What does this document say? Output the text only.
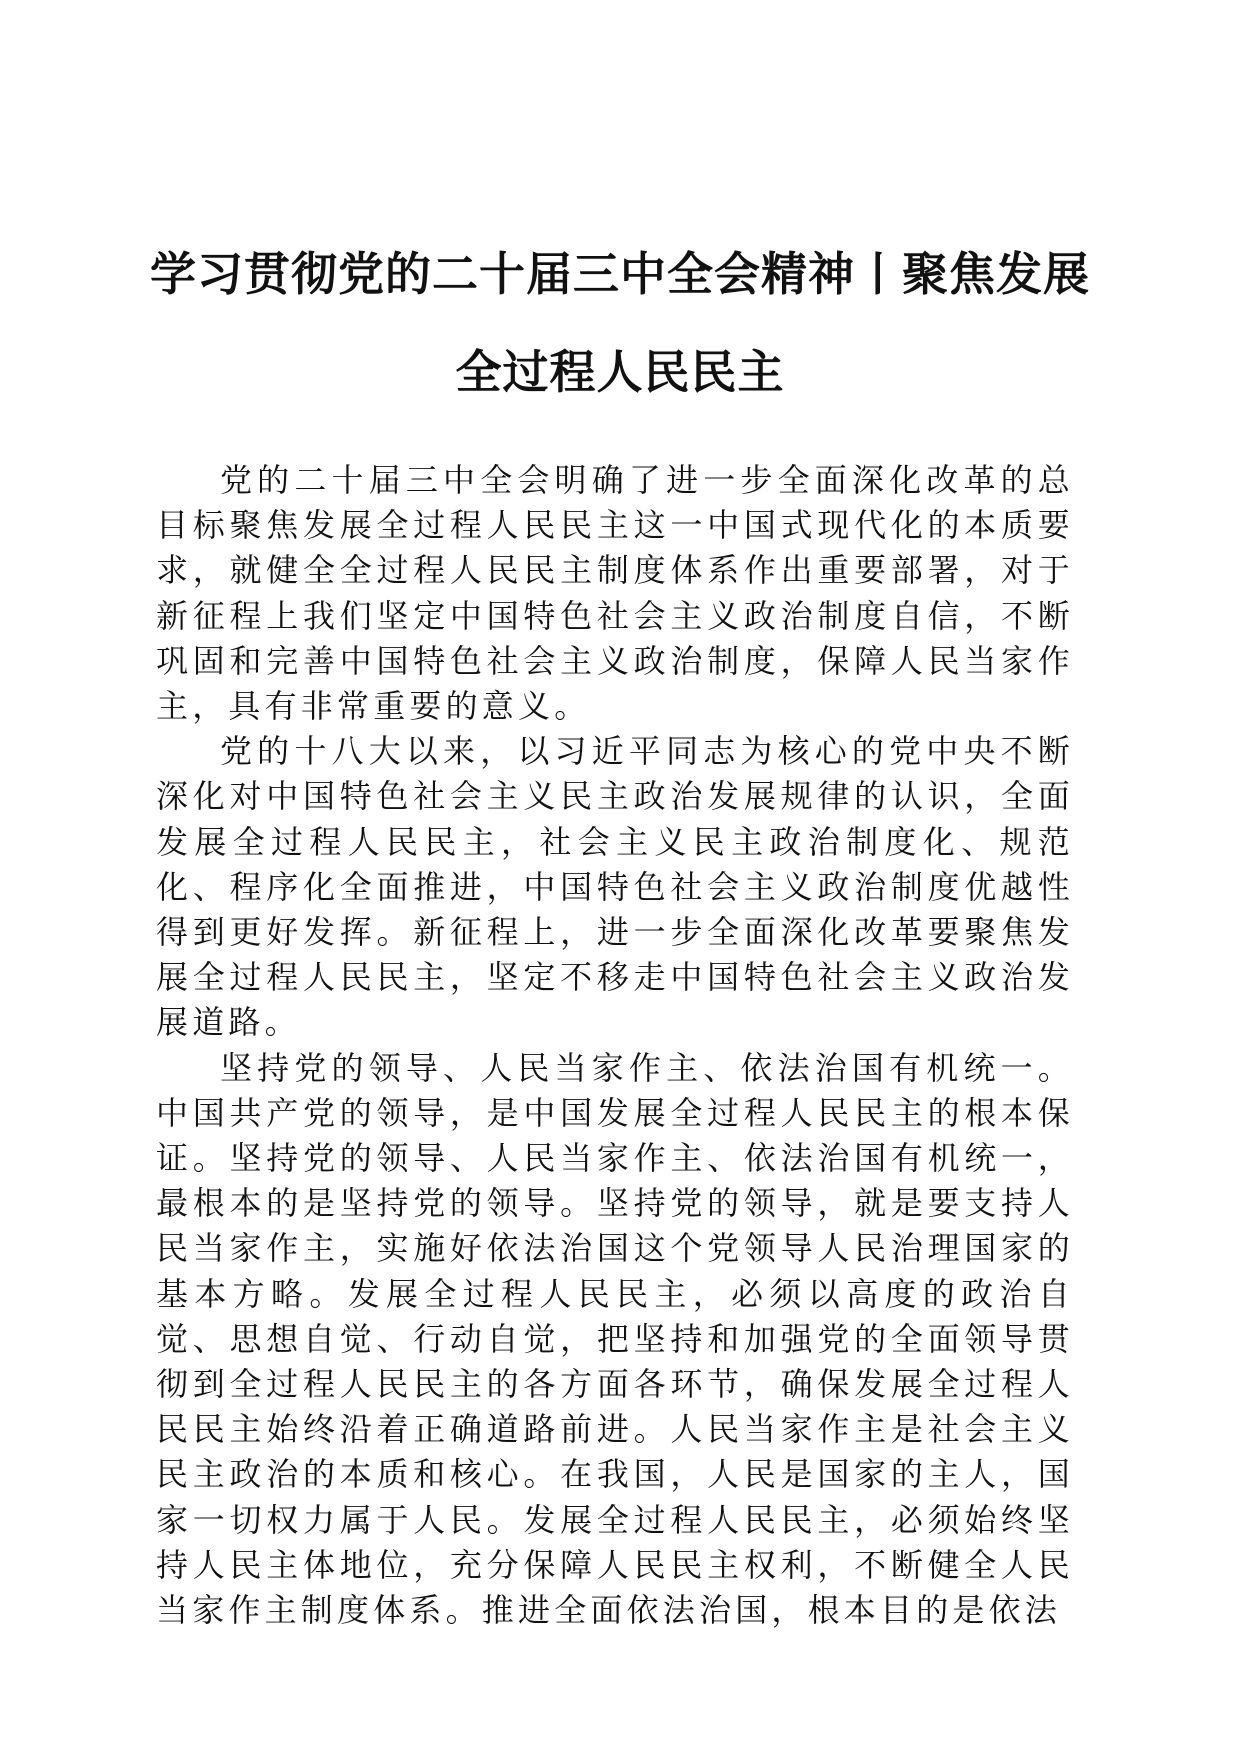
学习贯彻党的二十届三中全会精神丨聚焦发展
全过程人民民主

党的二十届三中全会明确了进一步全面深化改革的总目标聚焦发展全过程人民民主这一中国式现代化的本质要求，就健全全过程人民民主制度体系作出重要部署，对于新征程上我们坚定中国特色社会主义政治制度自信，不断巩固和完善中国特色社会主义政治制度，保障人民当家作主，具有非常重要的意义。

党的十八大以来，以习近平同志为核心的党中央不断深化对中国特色社会主义民主政治发展规律的认识，全面发展全过程人民民主，社会主义民主政治制度化、规范化、程序化全面推进，中国特色社会主义政治制度优越性得到更好发挥。新征程上，进一步全面深化改革要聚焦发展全过程人民民主，坚定不移走中国特色社会主义政治发展道路。

坚持党的领导、人民当家作主、依法治国有机统一。中国共产党的领导，是中国发展全过程人民民主的根本保证。坚持党的领导、人民当家作主、依法治国有机统一，最根本的是坚持党的领导。坚持党的领导，就是要支持人民当家作主，实施好依法治国这个党领导人民治理国家的基本方略。发展全过程人民民主，必须以高度的政治自觉、思想自觉、行动自觉，把坚持和加强党的全面领导贯彻到全过程人民民主的各方面各环节，确保发展全过程人民民主始终沿着正确道路前进。人民当家作主是社会主义民主政治的本质和核心。在我国，人民是国家的主人，国家一切权力属于人民。发展全过程人民民主，必须始终坚持人民主体地位，充分保障人民民主权利，不断健全人民当家作主制度体系。推进全面依法治国，根本目的是依法
